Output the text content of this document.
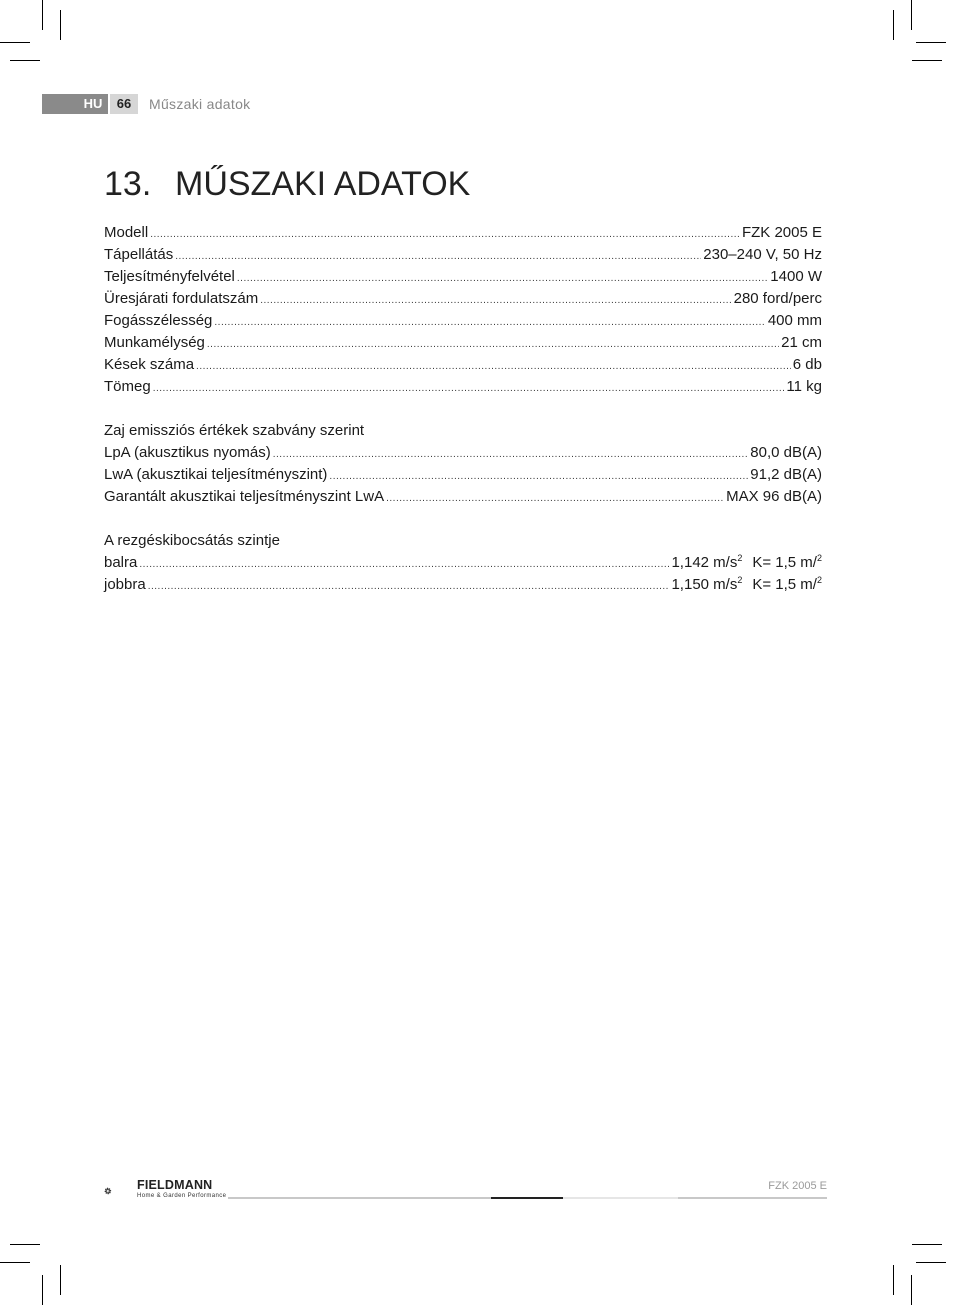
HU	66	Műszaki adatok
13. MŰSZAKI ADATOK
Modell .....	FZK 2005 E
Tápellátás .....	230–240 V, 50 Hz
Teljesítményfelvétel .....	1400 W
Üresjárati fordulatszám .....	280 ford/perc
Fogásszélesség .....	400 mm
Munkamélység .....	21 cm
Kések száma .....	6 db
Tömeg .....	11 kg
Zaj emissziós értékek szabvány szerint
LpA (akusztikus nyomás) .....	80,0 dB(A)
LwA (akusztikai teljesítményszint) .....	91,2 dB(A)
Garantált akusztikai teljesítményszint LwA .....	MAX 96 dB(A)
A rezgéskibocsátás szintje
balra .....	1,142 $m/s^2$ K= 1,5 m/$^2$
jobbra .....	1,150 $m/s^2$ K= 1,5 m/$^2$
FIELDMANN
Home & Garden Performance
FZK 2005 E
